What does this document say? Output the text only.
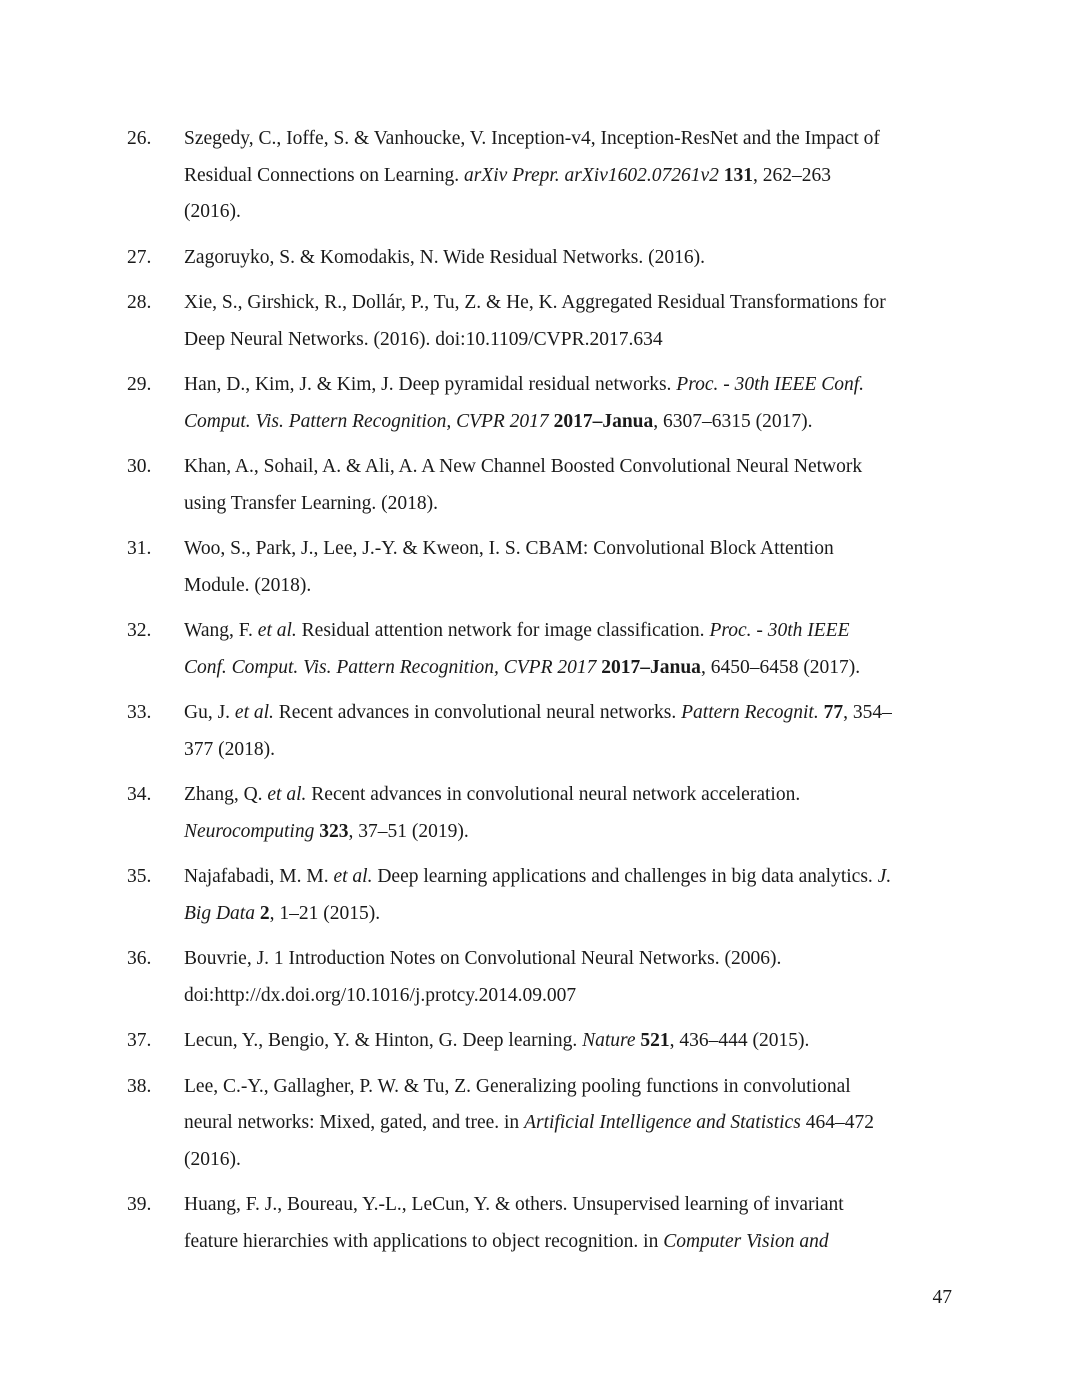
26. Szegedy, C., Ioffe, S. & Vanhoucke, V. Inception-v4, Inception-ResNet and the Impact of
Residual Connections on Learning. arXiv Prepr. arXiv1602.07261v2 131, 262–263
(2016).
27. Zagoruyko, S. & Komodakis, N. Wide Residual Networks. (2016).
28. Xie, S., Girshick, R., Dollár, P., Tu, Z. & He, K. Aggregated Residual Transformations for
Deep Neural Networks. (2016). doi:10.1109/CVPR.2017.634
29. Han, D., Kim, J. & Kim, J. Deep pyramidal residual networks. Proc. - 30th IEEE Conf.
Comput. Vis. Pattern Recognition, CVPR 2017 2017–Janua, 6307–6315 (2017).
30. Khan, A., Sohail, A. & Ali, A. A New Channel Boosted Convolutional Neural Network
using Transfer Learning. (2018).
31. Woo, S., Park, J., Lee, J.-Y. & Kweon, I. S. CBAM: Convolutional Block Attention
Module. (2018).
32. Wang, F. et al. Residual attention network for image classification. Proc. - 30th IEEE
Conf. Comput. Vis. Pattern Recognition, CVPR 2017 2017–Janua, 6450–6458 (2017).
33. Gu, J. et al. Recent advances in convolutional neural networks. Pattern Recognit. 77, 354–
377 (2018).
34. Zhang, Q. et al. Recent advances in convolutional neural network acceleration.
Neurocomputing 323, 37–51 (2019).
35. Najafabadi, M. M. et al. Deep learning applications and challenges in big data analytics. J.
Big Data 2, 1–21 (2015).
36. Bouvrie, J. 1 Introduction Notes on Convolutional Neural Networks. (2006).
doi:http://dx.doi.org/10.1016/j.protcy.2014.09.007
37. Lecun, Y., Bengio, Y. & Hinton, G. Deep learning. Nature 521, 436–444 (2015).
38. Lee, C.-Y., Gallagher, P. W. & Tu, Z. Generalizing pooling functions in convolutional
neural networks: Mixed, gated, and tree. in Artificial Intelligence and Statistics 464–472
(2016).
39. Huang, F. J., Boureau, Y.-L., LeCun, Y. & others. Unsupervised learning of invariant
feature hierarchies with applications to object recognition. in Computer Vision and
47
